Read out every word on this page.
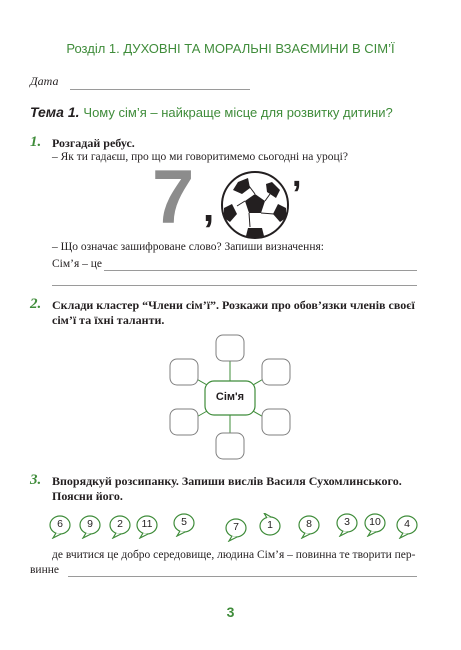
Розділ 1. ДУХОВНІ ТА МОРАЛЬНІ ВЗАЄМИНИ В СІМ’Ї
Дата
Тема 1. Чому сім’я – найкраще місце для розвитку дитини?
1. Розгадай ребус.
– Як ти гадаєш, про що ми говоритимемо сьогодні на уроці?
7 ,
,
– Що означає зашифроване слово? Запиши визначення:
Сім’я – це
2. Склади кластер “Члени сім’ї”. Розкажи про обов’язки членів своєї
сім’ї та їхні таланти.
Сім'я
3. Впорядкуй розсипанку. Запиши вислів Василя Сухомлинського.
Поясни його.
6	9	2	11	5	7	1	8	3	10	4
де вчитися це добро середовище, людина Сім’я – повинна те творити пер-
винне
3
